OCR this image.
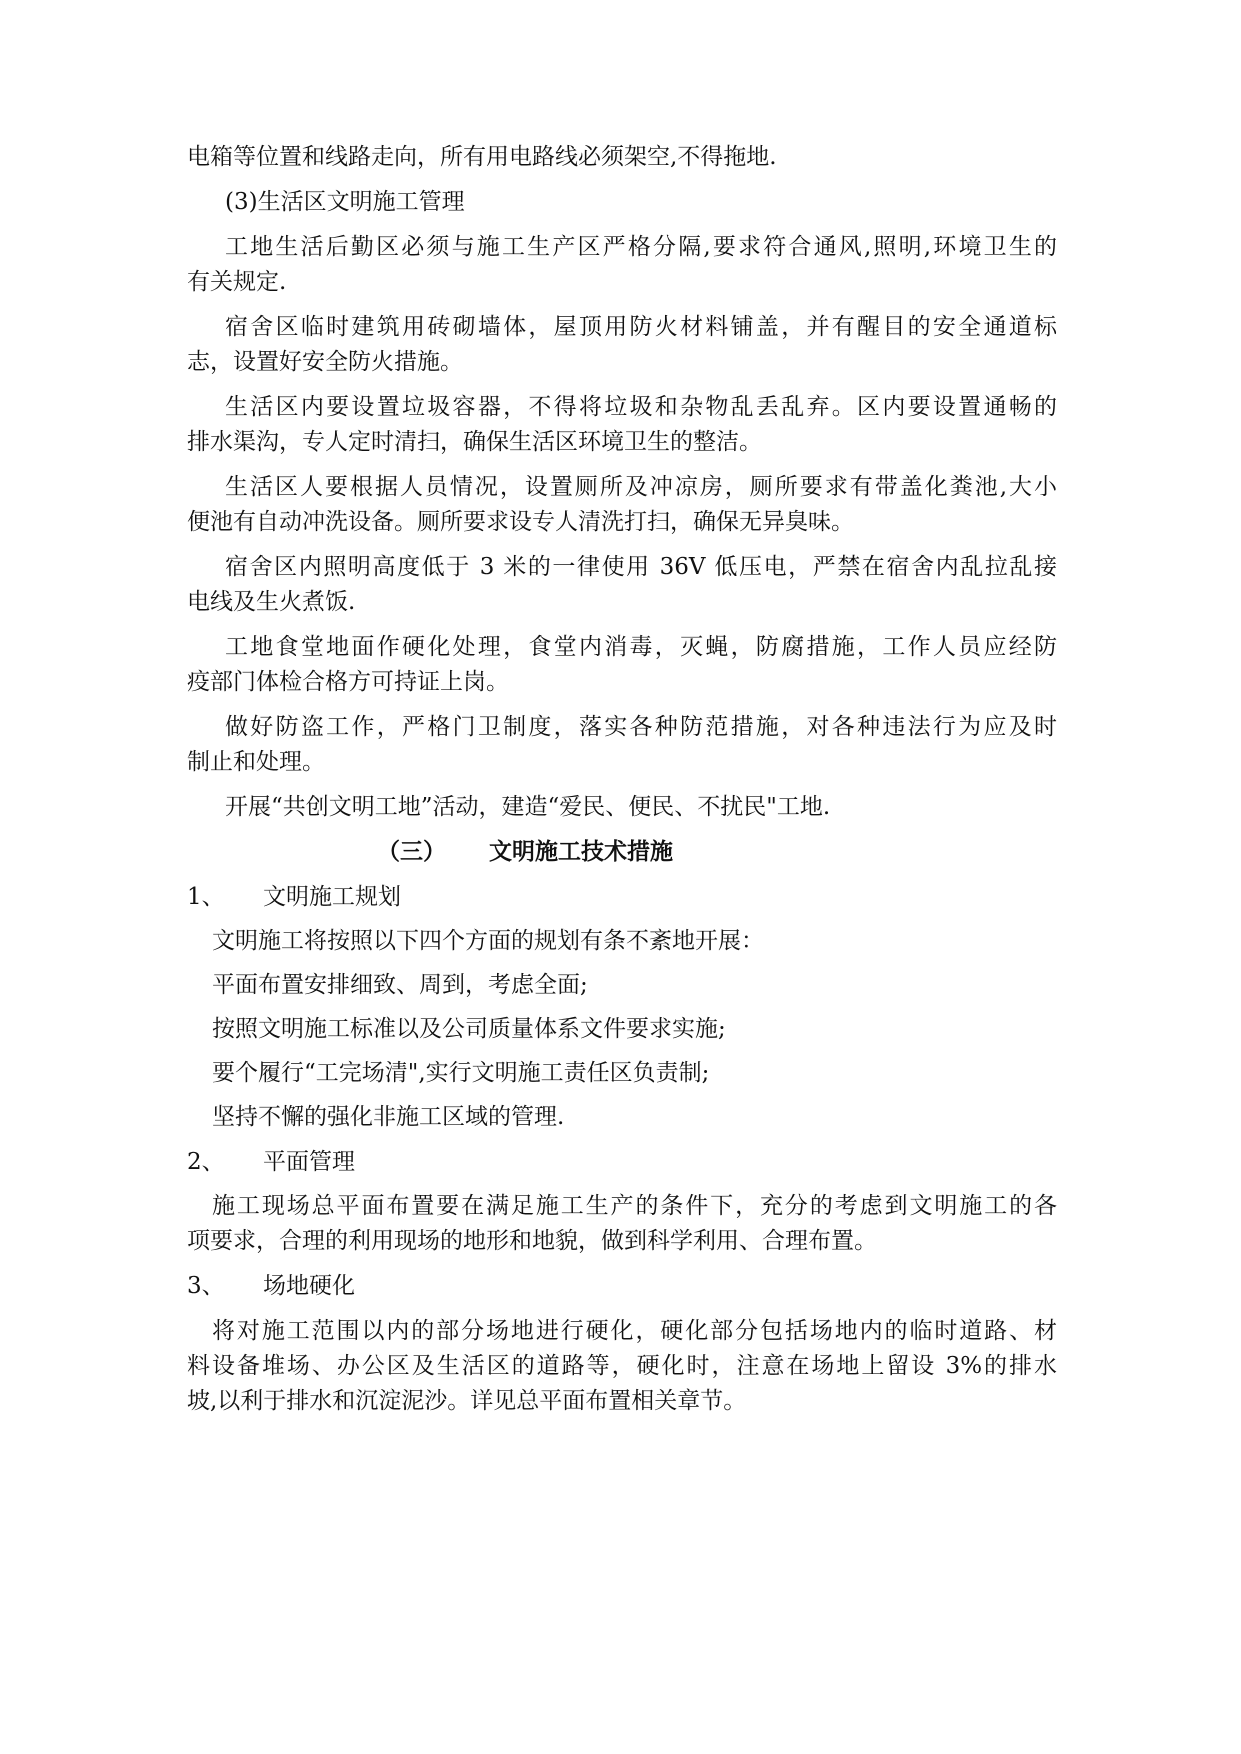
电箱等位置和线路走向，所有用电路线必须架空,不得拖地.
(3)生活区文明施工管理
工地生活后勤区必须与施工生产区严格分隔,要求符合通风,照明,环境卫生的
有关规定.
宿舍区临时建筑用砖砌墙体，屋顶用防火材料铺盖，并有醒目的安全通道标
志，设置好安全防火措施。
生活区内要设置垃圾容器，不得将垃圾和杂物乱丢乱弃。区内要设置通畅的
排水渠沟，专人定时清扫，确保生活区环境卫生的整洁。
生活区人要根据人员情况，设置厕所及冲凉房，厕所要求有带盖化粪池,大小
便池有自动冲洗设备。厕所要求设专人清洗打扫，确保无异臭味。
宿舍区内照明高度低于 3 米的一律使用 36V 低压电，严禁在宿舍内乱拉乱接
电线及生火煮饭.
工地食堂地面作硬化处理，食堂内消毒，灭蝇，防腐措施，工作人员应经防
疫部门体检合格方可持证上岗。
做好防盗工作，严格门卫制度，落实各种防范措施，对各种违法行为应及时
制止和处理。
开展“共创文明工地”活动，建造“爱民、便民、不扰民"工地.
（三） 文明施工技术措施
1、 文明施工规划
文明施工将按照以下四个方面的规划有条不紊地开展：
平面布置安排细致、周到，考虑全面;
按照文明施工标准以及公司质量体系文件要求实施;
要个履行“工完场清",实行文明施工责任区负责制;
坚持不懈的强化非施工区域的管理.
2、 平面管理
施工现场总平面布置要在满足施工生产的条件下，充分的考虑到文明施工的各
项要求，合理的利用现场的地形和地貌，做到科学利用、合理布置。
3、 场地硬化
将对施工范围以内的部分场地进行硬化，硬化部分包括场地内的临时道路、材
料设备堆场、办公区及生活区的道路等，硬化时，注意在场地上留设 3%的排水
坡,以利于排水和沉淀泥沙。详见总平面布置相关章节。
